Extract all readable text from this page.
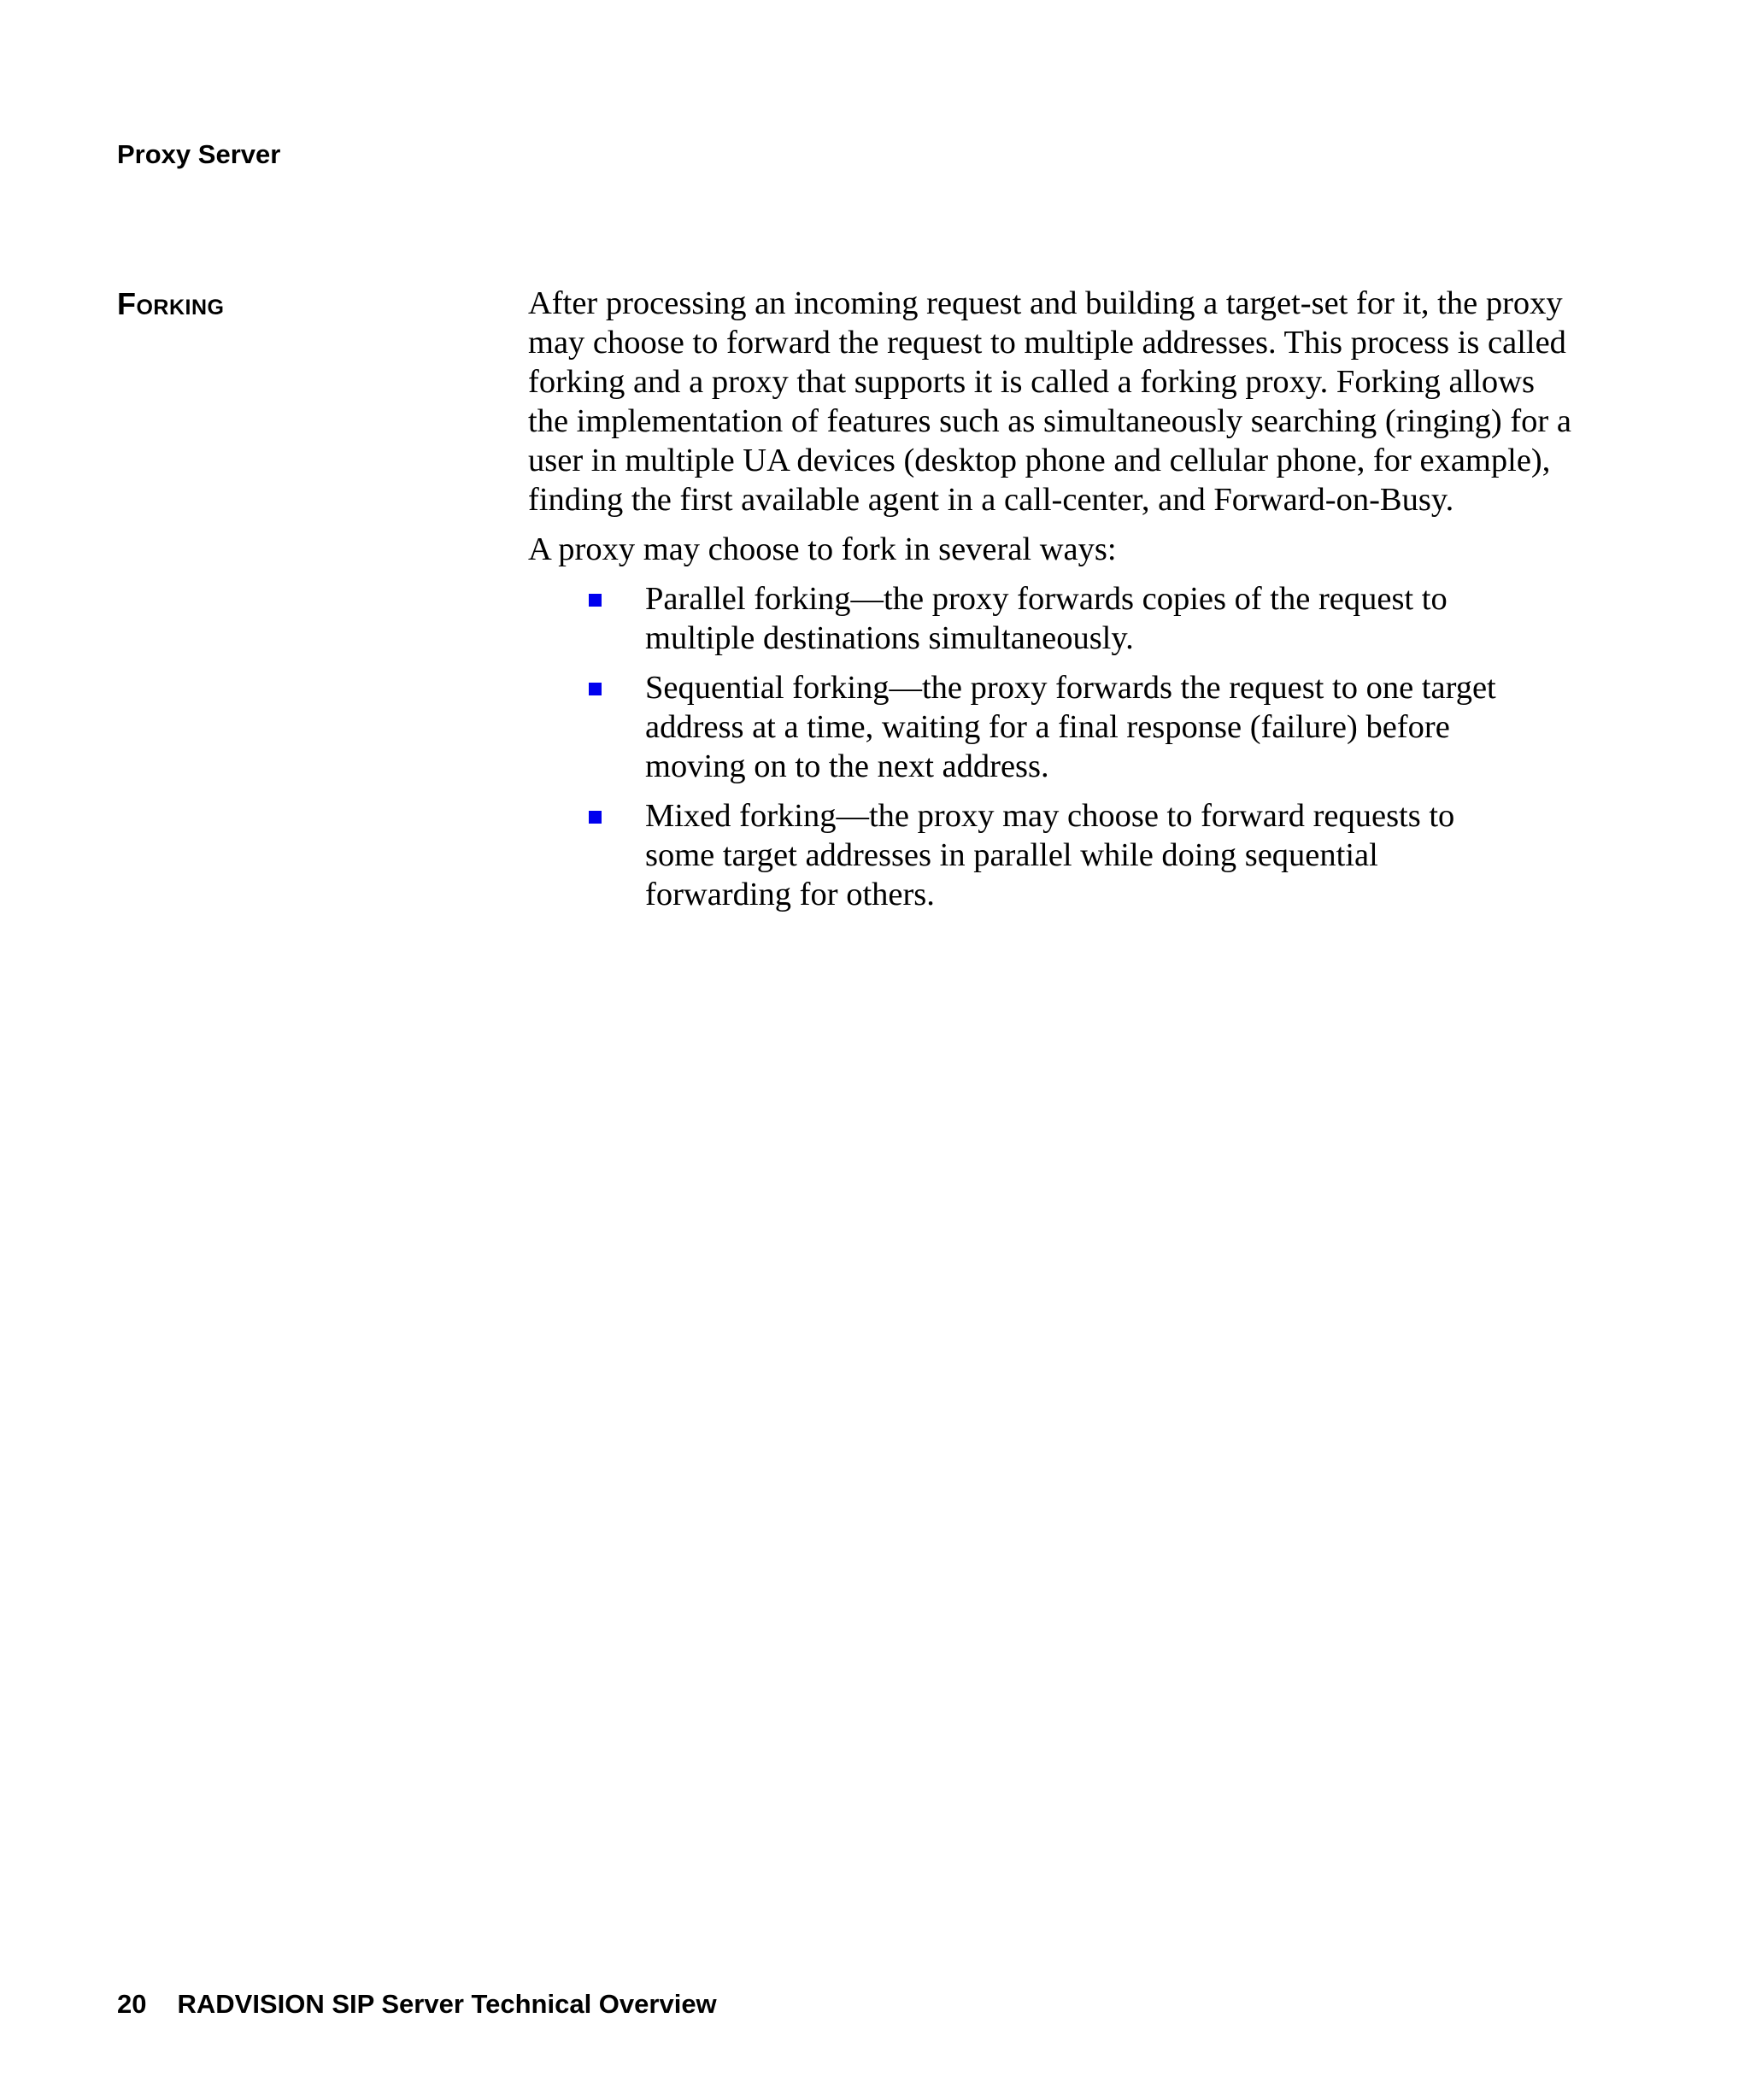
Proxy Server
Forking	After processing an incoming request and building a target-set for it, the proxy may choose to forward the request to multiple addresses. This process is called forking and a proxy that supports it is called a forking proxy. Forking allows the implementation of features such as simultaneously searching (ringing) for a user in multiple UA devices (desktop phone and cellular phone, for example), finding the first available agent in a call-center, and Forward-on-Busy.

A proxy may choose to fork in several ways:

Parallel forking—the proxy forwards copies of the request to multiple destinations simultaneously.
Sequential forking—the proxy forwards the request to one target address at a time, waiting for a final response (failure) before moving on to the next address.
Mixed forking—the proxy may choose to forward requests to some target addresses in parallel while doing sequential forwarding for others.
20 RADVISION SIP Server Technical Overview
